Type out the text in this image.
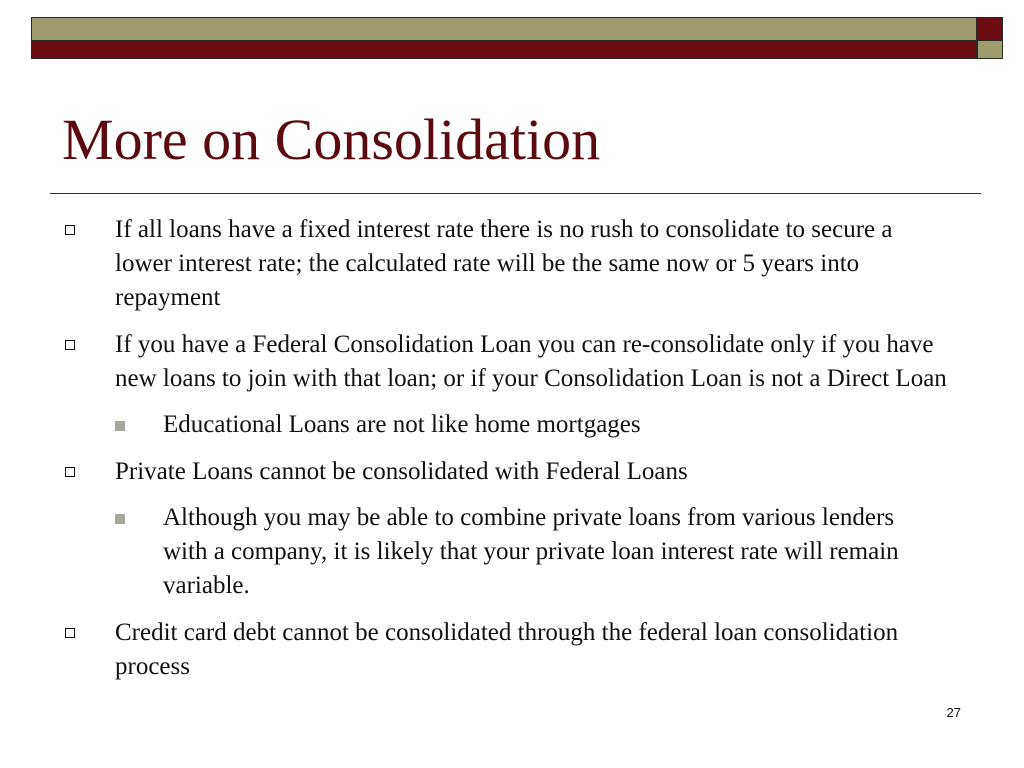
More on Consolidation
If all loans have a fixed interest rate there is no rush to consolidate to secure a lower interest rate; the calculated rate will be the same now or 5 years into repayment
If you have a Federal Consolidation Loan you can re-consolidate only if you have new loans to join with that loan; or if your Consolidation Loan is not a Direct Loan
Educational Loans are not like home mortgages
Private Loans cannot be consolidated with Federal Loans
Although you may be able to combine private loans from various lenders with a company, it is likely that your private loan interest rate will remain variable.
Credit card debt cannot be consolidated through the federal loan consolidation process
27
